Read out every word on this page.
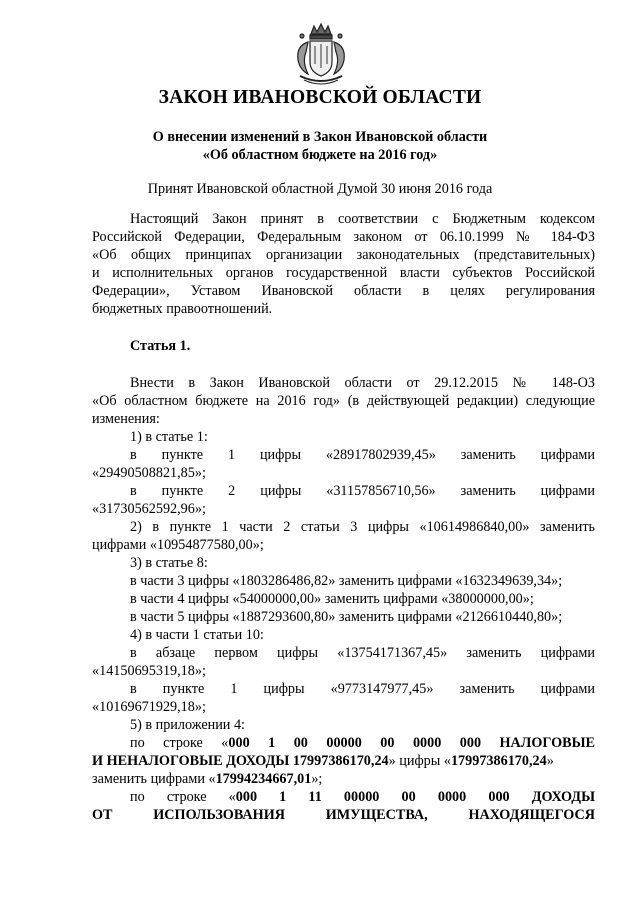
ЗАКОН ИВАНОВСКОЙ ОБЛАСТИ
О внесении изменений в Закон Ивановской области
«Об областном бюджете на 2016 год»
Принят Ивановской областной Думой 30 июня 2016 года
Настоящий Закон принят в соответствии с Бюджетным кодексом
Российской Федерации, Федеральным законом от 06.10.1999 № 184-ФЗ
«Об общих принципах организации законодательных (представительных)
и исполнительных органов государственной власти субъектов Российской
Федерации», Уставом Ивановской области в целях регулирования
бюджетных правоотношений.
Статья 1.
Внести в Закон Ивановской области от 29.12.2015 № 148-ОЗ
«Об областном бюджете на 2016 год» (в действующей редакции) следующие
изменения:
1) в статье 1:
в пункте 1 цифры «28917802939,45» заменить цифрами
«29490508821,85»;
в пункте 2 цифры «31157856710,56» заменить цифрами
«31730562592,96»;
2) в пункте 1 части 2 статьи 3 цифры «10614986840,00» заменить
цифрами «10954877580,00»;
3) в статье 8:
в части 3 цифры «1803286486,82» заменить цифрами «1632349639,34»;
в части 4 цифры «54000000,00» заменить цифрами «38000000,00»;
в части 5 цифры «1887293600,80» заменить цифрами «2126610440,80»;
4) в части 1 статьи 10:
в абзаце первом цифры «13754171367,45» заменить цифрами
«14150695319,18»;
в пункте 1 цифры «9773147977,45» заменить цифрами
«10169671929,18»;
5) в приложении 4:
по строке «000 1 00 00000 00 0000 000 НАЛОГОВЫЕ
И НЕНАЛОГОВЫЕ ДОХОДЫ 17997386170,24» цифры «17997386170,24»
заменить цифрами «17994234667,01»;
по строке «000 1 11 00000 00 0000 000 ДОХОДЫ
ОТ ИСПОЛЬЗОВАНИЯ ИМУЩЕСТВА, НАХОДЯЩЕГОСЯ
